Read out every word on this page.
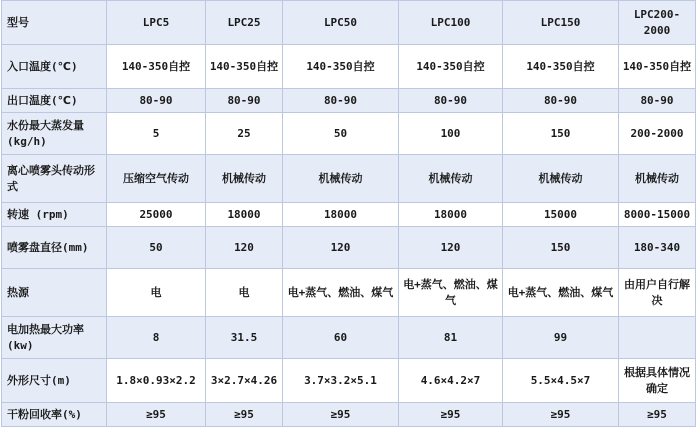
型号	LPC5	LPC25	LPC50	LPC100	LPC150	LPC200-2000
入口温度(℃)	140-350自控	140-350自控	140-350自控	140-350自控	140-350自控	140-350自控
出口温度(℃)	80-90	80-90	80-90	80-90	80-90	80-90
水份最大蒸发量(kg/h)	5	25	50	100	150	200-2000
离心喷雾头传动形式	压缩空气传动	机械传动	机械传动	机械传动	机械传动	机械传动
转速 (rpm)	25000	18000	18000	18000	15000	8000-15000
喷雾盘直径(mm)	50	120	120	120	150	180-340
热源	电	电	电+蒸气、燃油、煤气	电+蒸气、燃油、煤气	电+蒸气、燃油、煤气	由用户自行解决
电加热最大功率(kw)	8	31.5	60	81	99	
外形尺寸(m)	1.8×0.93×2.2	3×2.7×4.26	3.7×3.2×5.1	4.6×4.2×7	5.5×4.5×7	根据具体情况确定
干粉回收率(%)	≥95	≥95	≥95	≥95	≥95	≥95
